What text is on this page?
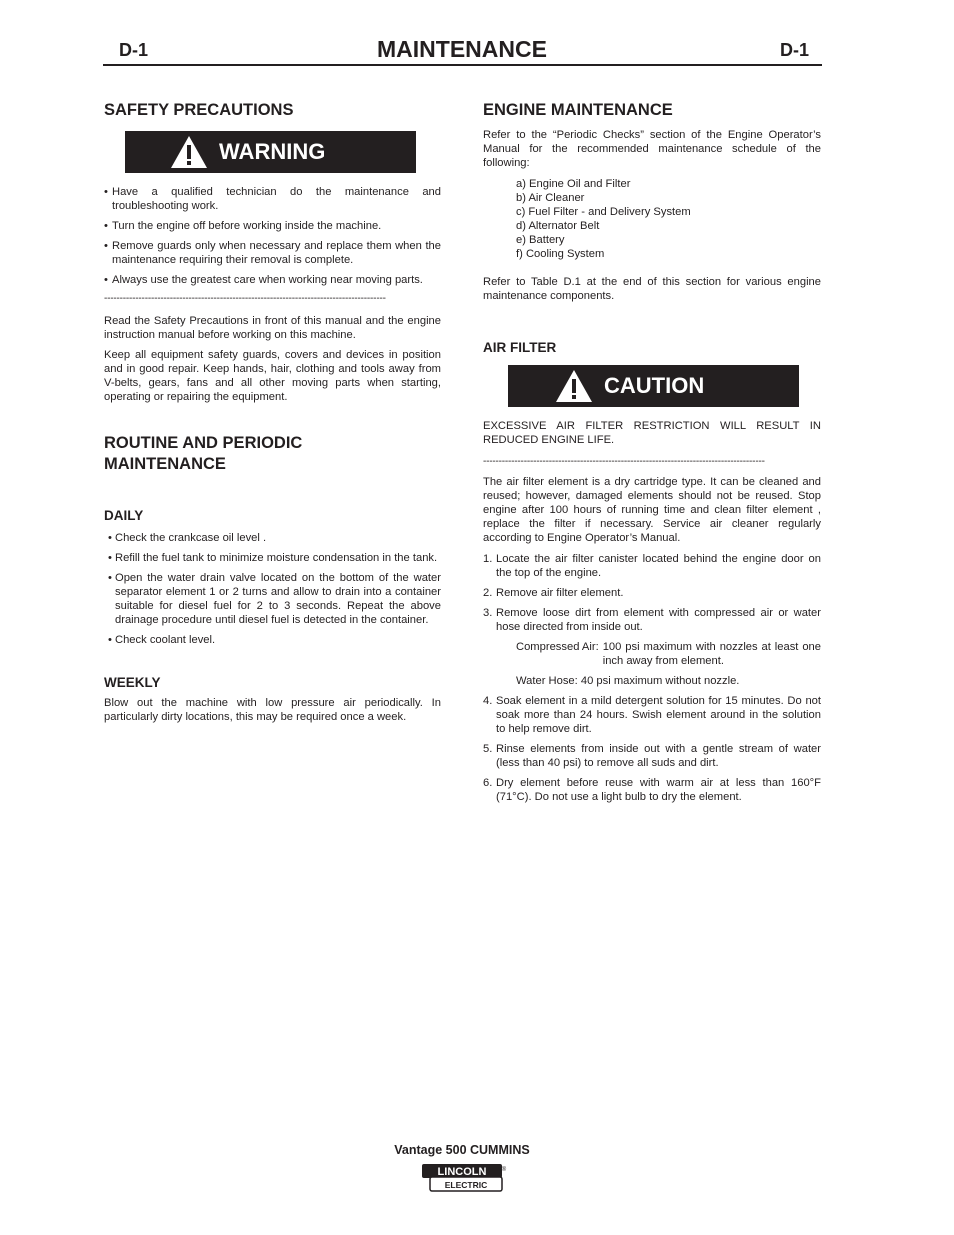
D-1	MAINTENANCE	D-1
SAFETY PRECAUTIONS
WARNING
• Have a qualified technician do the maintenance and troubleshooting work.
• Turn the engine off before working inside the machine.
• Remove guards only when necessary and replace them when the maintenance requiring their removal is complete.
• Always use the greatest care when working near moving parts.
------------------------------------------------------------------------------------------

Read the Safety Precautions in front of this manual and the engine instruction manual before working on this machine.

Keep all equipment safety guards, covers and devices in position and in good repair. Keep hands, hair, clothing and tools away from V-belts, gears, fans and all other moving parts when starting, operating or repairing the equipment.

ROUTINE AND PERIODIC MAINTENANCE
DAILY
• Check the crankcase oil level .
• Refill the fuel tank to minimize moisture condensation in the tank.
• Open the water drain valve located on the bottom of the water separator element 1 or 2 turns and allow to drain into a container suitable for diesel fuel for 2 to 3 seconds. Repeat the above drainage procedure until diesel fuel is detected in the container.
• Check coolant level.
WEEKLY

Blow out the machine with low pressure air periodically. In particularly dirty locations, this may be required once a week.

ENGINE MAINTENANCE

Refer to the “Periodic Checks” section of the Engine Operator’s Manual for the recommended maintenance schedule of the following:

a) Engine Oil and Filter
b) Air Cleaner
c) Fuel Filter - and Delivery System
d) Alternator Belt
e) Battery
f) Cooling System

Refer to Table D.1 at the end of this section for various engine maintenance components.

AIR FILTER
CAUTION

EXCESSIVE AIR FILTER RESTRICTION WILL RESULT IN REDUCED ENGINE LIFE.

------------------------------------------------------------------------------------------

The air filter element is a dry cartridge type. It can be cleaned and reused; however, damaged elements should not be reused. Stop engine after 100 hours of running time and clean filter element , replace the filter if necessary. Service air cleaner regularly according to Engine Operator’s Manual.

1. Locate the air filter canister located behind the engine door on the top of the engine.
2. Remove air filter element.
3. Remove loose dirt from element with compressed air or water hose directed from inside out.
Compressed Air: 100 psi maximum with nozzles at least one inch away from element.

Water Hose: 40 psi maximum without nozzle.

4. Soak element in a mild detergent solution for 15 minutes. Do not soak more than 24 hours. Swish element around in the solution to help remove dirt.
5. Rinse elements from inside out with a gentle stream of water (less than 40 psi) to remove all suds and dirt.
6. Dry element before reuse with warm air at less than 160°F (71°C). Do not use a light bulb to dry the element.
Vantage 500 CUMMINS
LINCOLN
ELECTRIC
®
